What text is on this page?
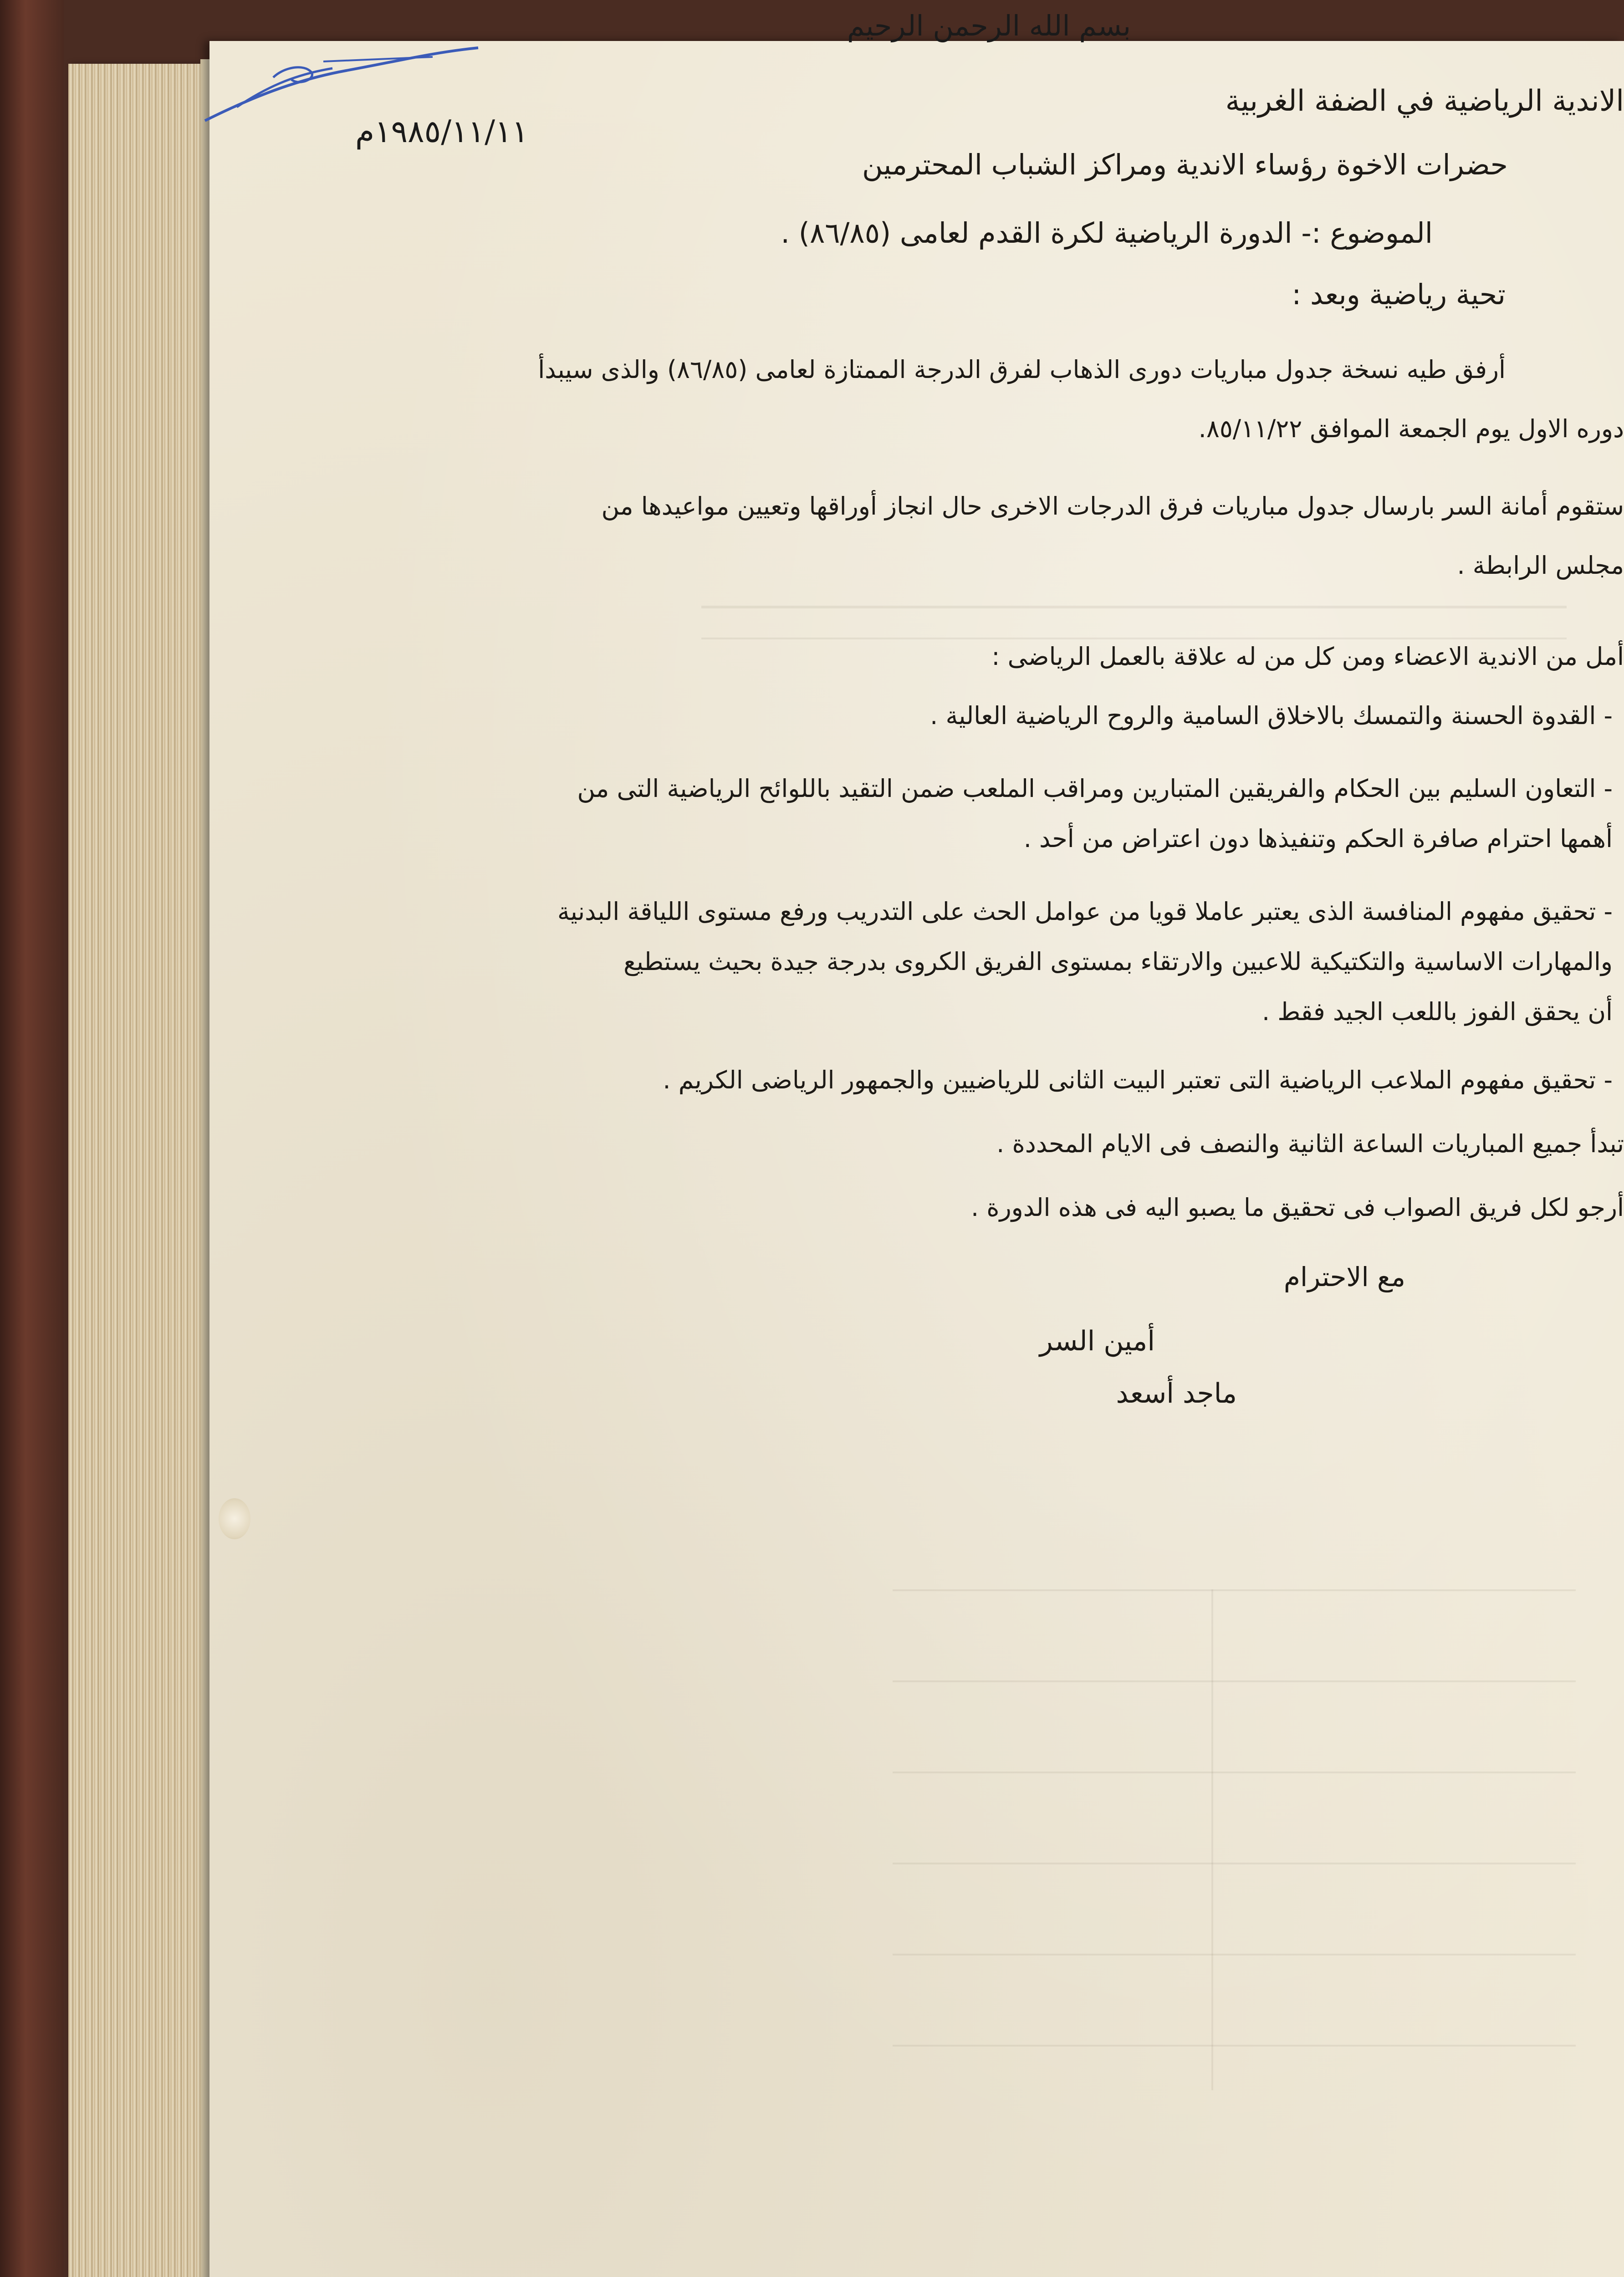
بسم الله الرحمن الرحيم
الاندية الرياضية في الضفة الغربية
١٩٨٥/١١/١١م
حضرات الاخوة رؤساء الاندية ومراكز الشباب المحترمين
الموضوع :- الدورة الرياضية لكرة القدم لعامى (٨٦/٨٥) .
تحية رياضية وبعد :
أرفق طيه نسخة جدول مباريات دورى الذهاب لفرق الدرجة الممتازة لعامى (٨٦/٨٥) والذى سيبدأ
دوره الاول يوم الجمعة الموافق ٨٥/١١/٢٢.
ستقوم أمانة السر بارسال جدول مباريات فرق الدرجات الاخرى حال انجاز أوراقها وتعيين مواعيدها من
مجلس الرابطة .
أمل من الاندية الاعضاء ومن كل من له علاقة بالعمل الرياضى :
- القدوة الحسنة والتمسك بالاخلاق السامية والروح الرياضية العالية .
- التعاون السليم بين الحكام والفريقين المتبارين ومراقب الملعب ضمن التقيد باللوائح الرياضية التى من
أهمها احترام صافرة الحكم وتنفيذها دون اعتراض من أحد .
- تحقيق مفهوم المنافسة الذى يعتبر عاملا قويا من عوامل الحث على التدريب ورفع مستوى اللياقة البدنية
والمهارات الاساسية والتكتيكية للاعبين والارتقاء بمستوى الفريق الكروى بدرجة جيدة بحيث يستطيع
أن يحقق الفوز باللعب الجيد فقط .
- تحقيق مفهوم الملاعب الرياضية التى تعتبر البيت الثانى للرياضيين والجمهور الرياضى الكريم .
تبدأ جميع المباريات الساعة الثانية والنصف فى الايام المحددة .
أرجو لكل فريق الصواب فى تحقيق ما يصبو اليه فى هذه الدورة .
مع الاحترام
أمين السر
ماجد أسعد
